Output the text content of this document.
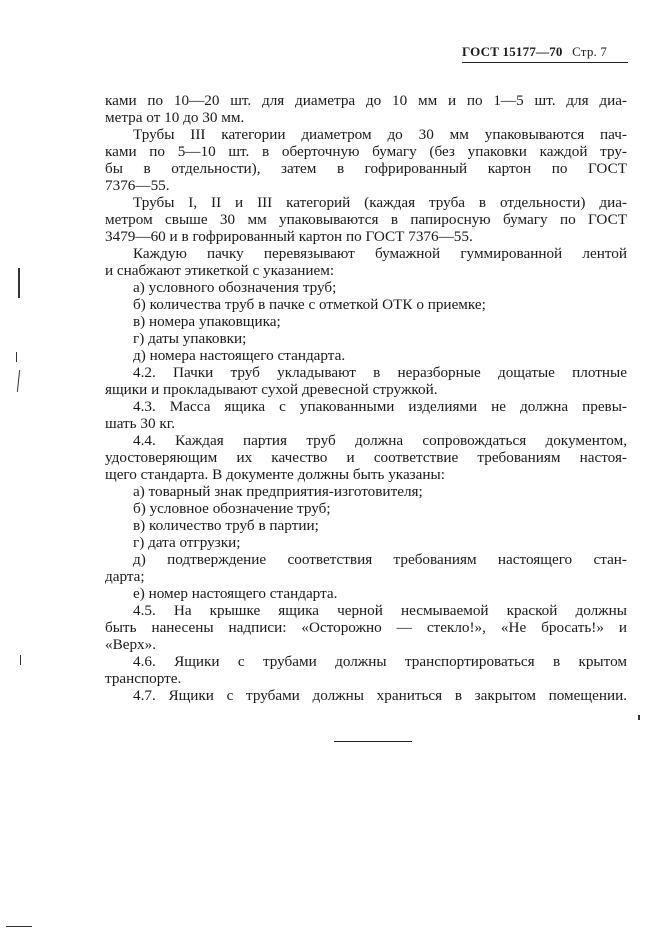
ГОСТ 15177—70 Стр. 7
ками по 10—20 шт. для диаметра до 10 мм и по 1—5 шт. для диа-
метра от 10 до 30 мм.
Трубы III категории диаметром до 30 мм упаковываются пач-
ками по 5—10 шт. в оберточную бумагу (без упаковки каждой тру-
бы в отдельности), затем в гофрированный картон по ГОСТ
7376—55.
Трубы I, II и III категорий (каждая труба в отдельности) диа-
метром свыше 30 мм упаковываются в папиросную бумагу по ГОСТ
3479—60 и в гофрированный картон по ГОСТ 7376—55.
Каждую пачку перевязывают бумажной гуммированной лентой
и снабжают этикеткой с указанием:
а) условного обозначения труб;
б) количества труб в пачке с отметкой ОТК о приемке;
в) номера упаковщика;
г) даты упаковки;
д) номера настоящего стандарта.
4.2. Пачки труб укладывают в неразборные дощатые плотные
ящики и прокладывают сухой древесной стружкой.
4.3. Масса ящика с упакованными изделиями не должна превы-
шать 30 кг.
4.4. Каждая партия труб должна сопровождаться документом,
удостоверяющим их качество и соответствие требованиям настоя-
щего стандарта. В документе должны быть указаны:
а) товарный знак предприятия-изготовителя;
б) условное обозначение труб;
в) количество труб в партии;
г) дата отгрузки;
д) подтверждение соответствия требованиям настоящего стан-
дарта;
е) номер настоящего стандарта.
4.5. На крышке ящика черной несмываемой краской должны
быть нанесены надписи: «Осторожно — стекло!», «Не бросать!» и
«Верх».
4.6. Ящики с трубами должны транспортироваться в крытом
транспорте.
4.7. Ящики с трубами должны храниться в закрытом помещении.
